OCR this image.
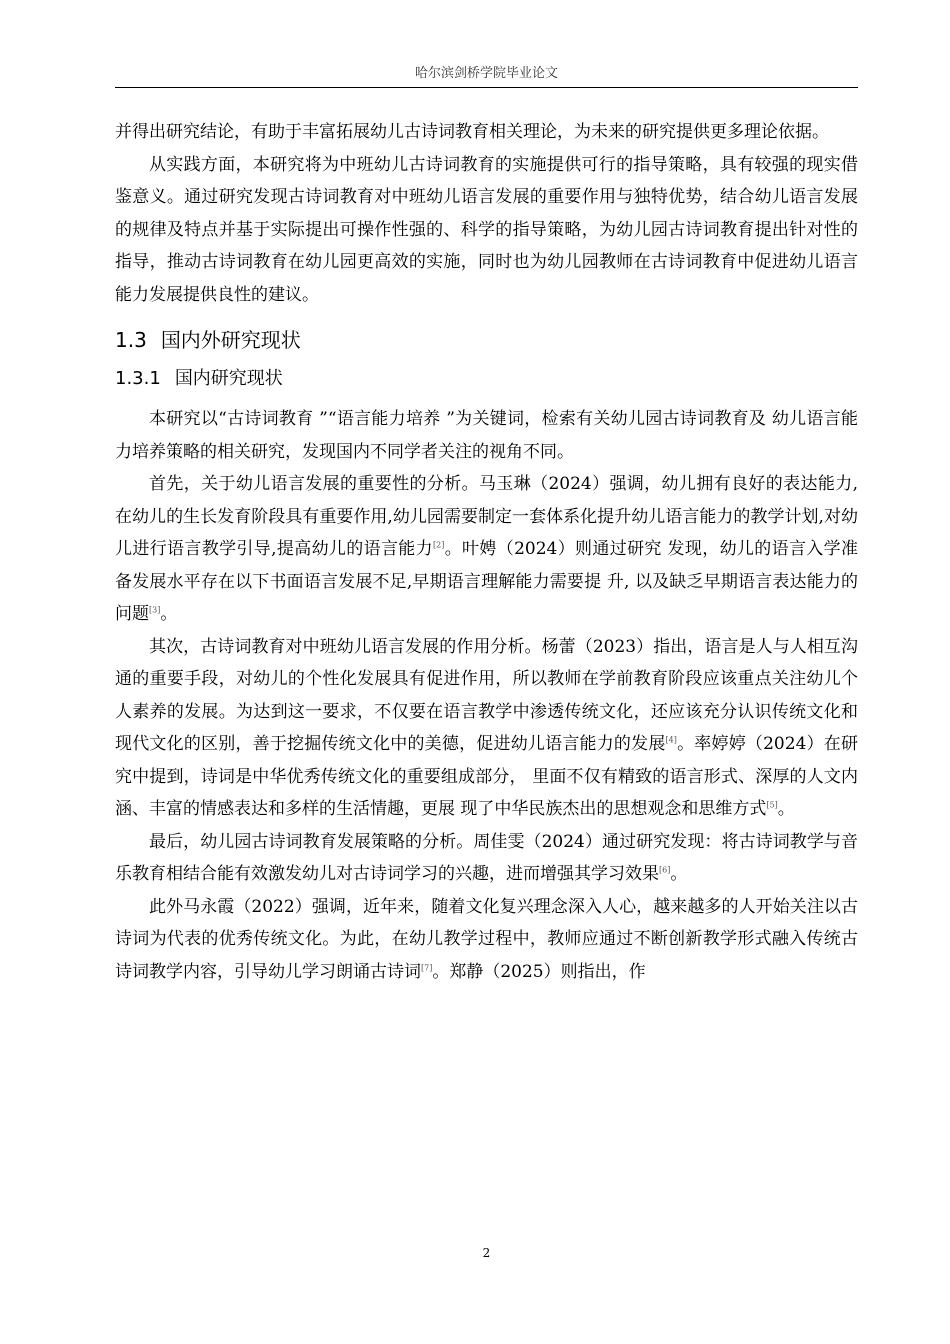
哈尔滨剑桥学院毕业论文

并得出研究结论，有助于丰富拓展幼儿古诗词教育相关理论，为未来的研究提供更多理论依据。

从实践方面，本研究将为中班幼儿古诗词教育的实施提供可行的指导策略，具有较强的现实借鉴意义。通过研究发现古诗词教育对中班幼儿语言发展的重要作用与独特优势，结合幼儿语言发展的规律及特点并基于实际提出可操作性强的、科学的指导策略，为幼儿园古诗词教育提出针对性的指导，推动古诗词教育在幼儿园更高效的实施，同时也为幼儿园教师在古诗词教育中促进幼儿语言能力发展提供良性的建议。

1.3 国内外研究现状
1.3.1 国内研究现状

本研究以“古诗词教育 ”“语言能力培养 ”为关键词，检索有关幼儿园古诗词教育及 幼儿语言能力培养策略的相关研究，发现国内不同学者关注的视角不同。

首先，关于幼儿语言发展的重要性的分析。马玉琳（2024）强调，幼儿拥有良好的表达能力,在幼儿的生长发育阶段具有重要作用,幼儿园需要制定一套体系化提升幼儿语言能力的教学计划,对幼儿进行语言教学引导,提高幼儿的语言能力[2]。叶娉（2024）则通过研究 发现，幼儿的语言入学准备发展水平存在以下书面语言发展不足,早期语言理解能力需要提 升, 以及缺乏早期语言表达能力的问题[3]。

其次，古诗词教育对中班幼儿语言发展的作用分析。杨蕾（2023）指出，语言是人与人相互沟通的重要手段，对幼儿的个性化发展具有促进作用，所以教师在学前教育阶段应该重点关注幼儿个人素养的发展。为达到这一要求，不仅要在语言教学中渗透传统文化，还应该充分认识传统文化和现代文化的区别，善于挖掘传统文化中的美德，促进幼儿语言能力的发展[4]。率婷婷（2024）在研究中提到，诗词是中华优秀传统文化的重要组成部分， 里面不仅有精致的语言形式、深厚的人文内涵、丰富的情感表达和多样的生活情趣，更展 现了中华民族杰出的思想观念和思维方式[5]。

最后，幼儿园古诗词教育发展策略的分析。周佳雯（2024）通过研究发现：将古诗词教学与音乐教育相结合能有效激发幼儿对古诗词学习的兴趣，进而增强其学习效果[6]。

此外马永霞（2022）强调，近年来，随着文化复兴理念深入人心，越来越多的人开始关注以古诗词为代表的优秀传统文化。为此，在幼儿教学过程中，教师应通过不断创新教学形式融入传统古诗词教学内容，引导幼儿学习朗诵古诗词[7]。郑静（2025）则指出，作

2
